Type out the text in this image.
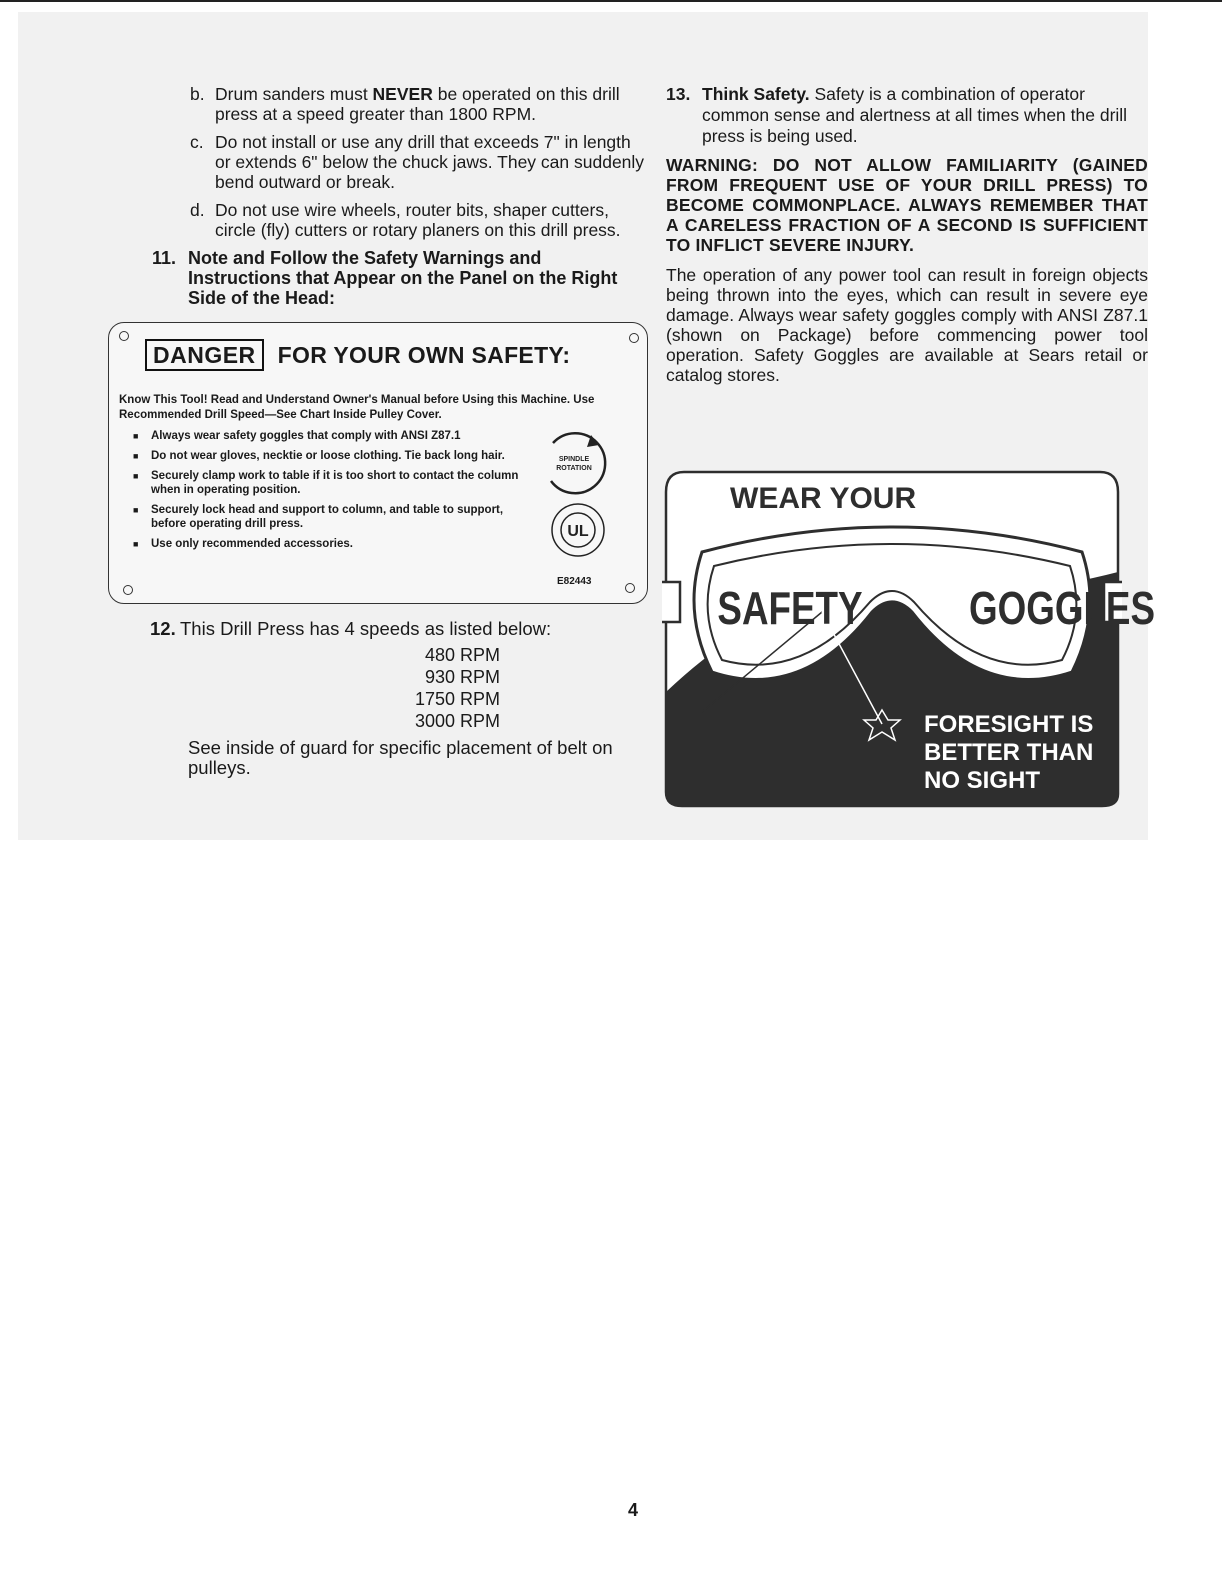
b. Drum sanders must NEVER be operated on this drill press at a speed greater than 1800 RPM.
c. Do not install or use any drill that exceeds 7" in length or extends 6" below the chuck jaws. They can suddenly bend outward or break.
d. Do not use wire wheels, router bits, shaper cutters, circle (fly) cutters or rotary planers on this drill press.
11. Note and Follow the Safety Warnings and Instructions that Appear on the Panel on the Right Side of the Head:
DANGER FOR YOUR OWN SAFETY:
Know This Tool! Read and Understand Owner's Manual before Using this Machine. Use Recommended Drill Speed—See Chart Inside Pulley Cover.
■ Always wear safety goggles that comply with ANSI Z87.1
■ Do not wear gloves, necktie or loose clothing. Tie back long hair.
■ Securely clamp work to table if it is too short to contact the column when in operating position.
■ Securely lock head and support to column, and table to support, before operating drill press.
■ Use only recommended accessories.
SPINDLE
ROTATION
UL
E82443
12. This Drill Press has 4 speeds as listed below:
480 RPM
930 RPM
1750 RPM
3000 RPM
See inside of guard for specific placement of belt on pulleys.
13. Think Safety. Safety is a combination of operator common sense and alertness at all times when the drill press is being used.
WARNING: DO NOT ALLOW FAMILIARITY (GAINED FROM FREQUENT USE OF YOUR DRILL PRESS) TO BECOME COMMONPLACE. ALWAYS REMEMBER THAT A CARELESS FRACTION OF A SECOND IS SUFFICIENT TO INFLICT SEVERE INJURY.
The operation of any power tool can result in foreign objects being thrown into the eyes, which can result in severe eye damage. Always wear safety goggles comply with ANSI Z87.1 (shown on Package) before commencing power tool operation. Safety Goggles are available at Sears retail or catalog stores.
WEAR YOUR
SAFETY GOGGLES
FORESIGHT IS
BETTER THAN
NO SIGHT
4
